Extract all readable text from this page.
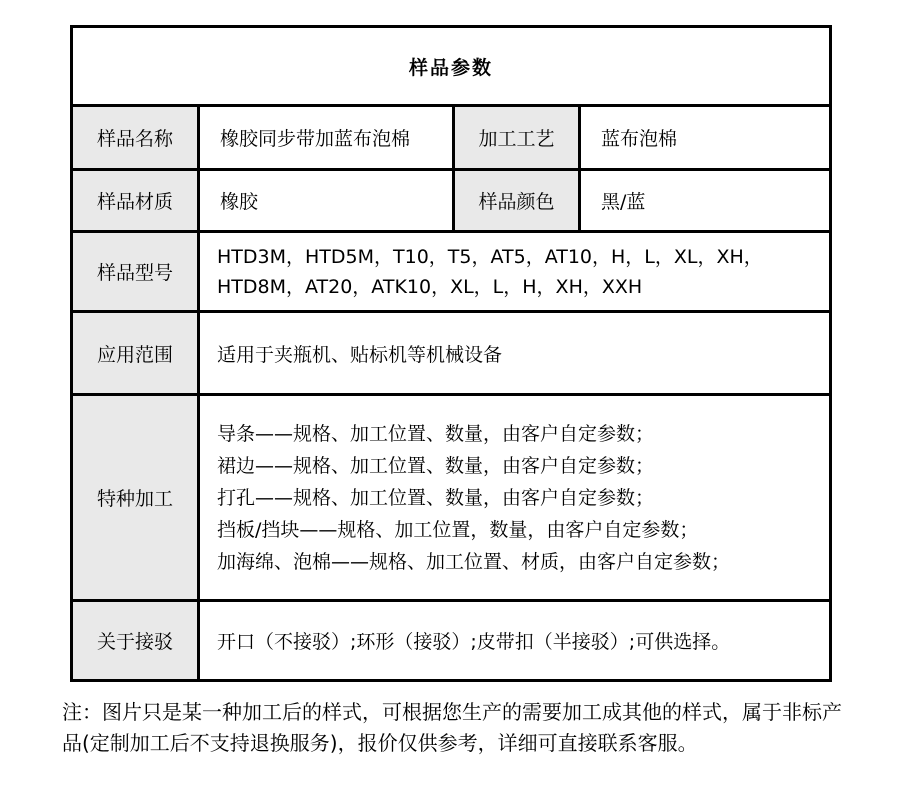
样品参数			
样品名称	橡胶同步带加蓝布泡棉	加工工艺	蓝布泡棉
样品材质	橡胶	样品颜色	黑/蓝
样品型号	HTD3M，HTD5M，T10，T5，AT5，AT10，H，L，XL，XH，
HTD8M，AT20，ATK10，XL，L，H，XH，XXH		

应用范围	适用于夹瓶机、贴标机等机械设备		
特种加工	导条——规格、加工位置、数量，由客户自定参数；
裙边——规格、加工位置、数量，由客户自定参数；
打孔——规格、加工位置、数量，由客户自定参数；
挡板/挡块——规格、加工位置，数量，由客户自定参数；
加海绵、泡棉——规格、加工位置、材质，由客户自定参数；		

关于接驳	开口（不接驳）;环形（接驳）;皮带扣（半接驳）;可供选择。		
注：图片只是某一种加工后的样式，可根据您生产的需要加工成其他的样式，属于非标产品(定制加工后不支持退换服务)，报价仅供参考，详细可直接联系客服。
